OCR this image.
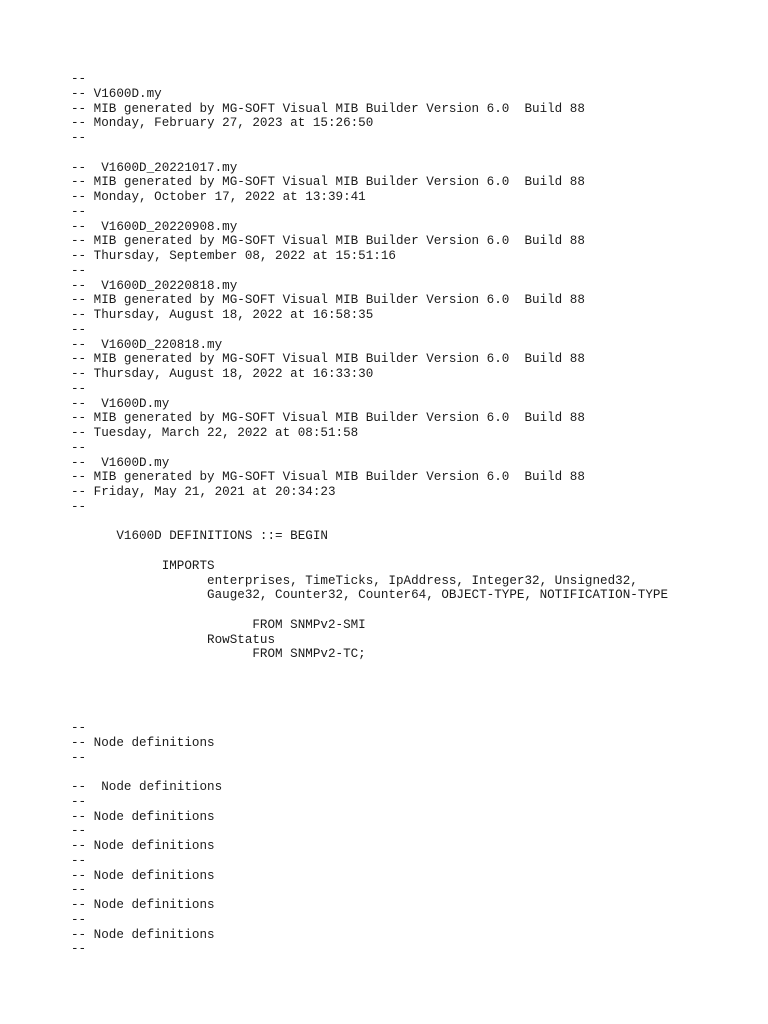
--
-- V1600D.my
-- MIB generated by MG-SOFT Visual MIB Builder Version 6.0  Build 88
-- Monday, February 27, 2023 at 15:26:50
--
--  V1600D_20221017.my
-- MIB generated by MG-SOFT Visual MIB Builder Version 6.0  Build 88
-- Monday, October 17, 2022 at 13:39:41
--
--  V1600D_20220908.my
-- MIB generated by MG-SOFT Visual MIB Builder Version 6.0  Build 88
-- Thursday, September 08, 2022 at 15:51:16
--
--  V1600D_20220818.my
-- MIB generated by MG-SOFT Visual MIB Builder Version 6.0  Build 88
-- Thursday, August 18, 2022 at 16:58:35
--
--  V1600D_220818.my
-- MIB generated by MG-SOFT Visual MIB Builder Version 6.0  Build 88
-- Thursday, August 18, 2022 at 16:33:30
--
--  V1600D.my
-- MIB generated by MG-SOFT Visual MIB Builder Version 6.0  Build 88
-- Tuesday, March 22, 2022 at 08:51:58
--
--  V1600D.my
-- MIB generated by MG-SOFT Visual MIB Builder Version 6.0  Build 88
-- Friday, May 21, 2021 at 20:34:23
--
V1600D DEFINITIONS ::= BEGIN
IMPORTS
enterprises, TimeTicks, IpAddress, Integer32, Unsigned32,
Gauge32, Counter32, Counter64, OBJECT-TYPE, NOTIFICATION-TYPE
FROM SNMPv2-SMI
RowStatus
FROM SNMPv2-TC;
--
-- Node definitions
--
--  Node definitions
--
-- Node definitions
--
-- Node definitions
--
-- Node definitions
--
-- Node definitions
--
-- Node definitions
--
